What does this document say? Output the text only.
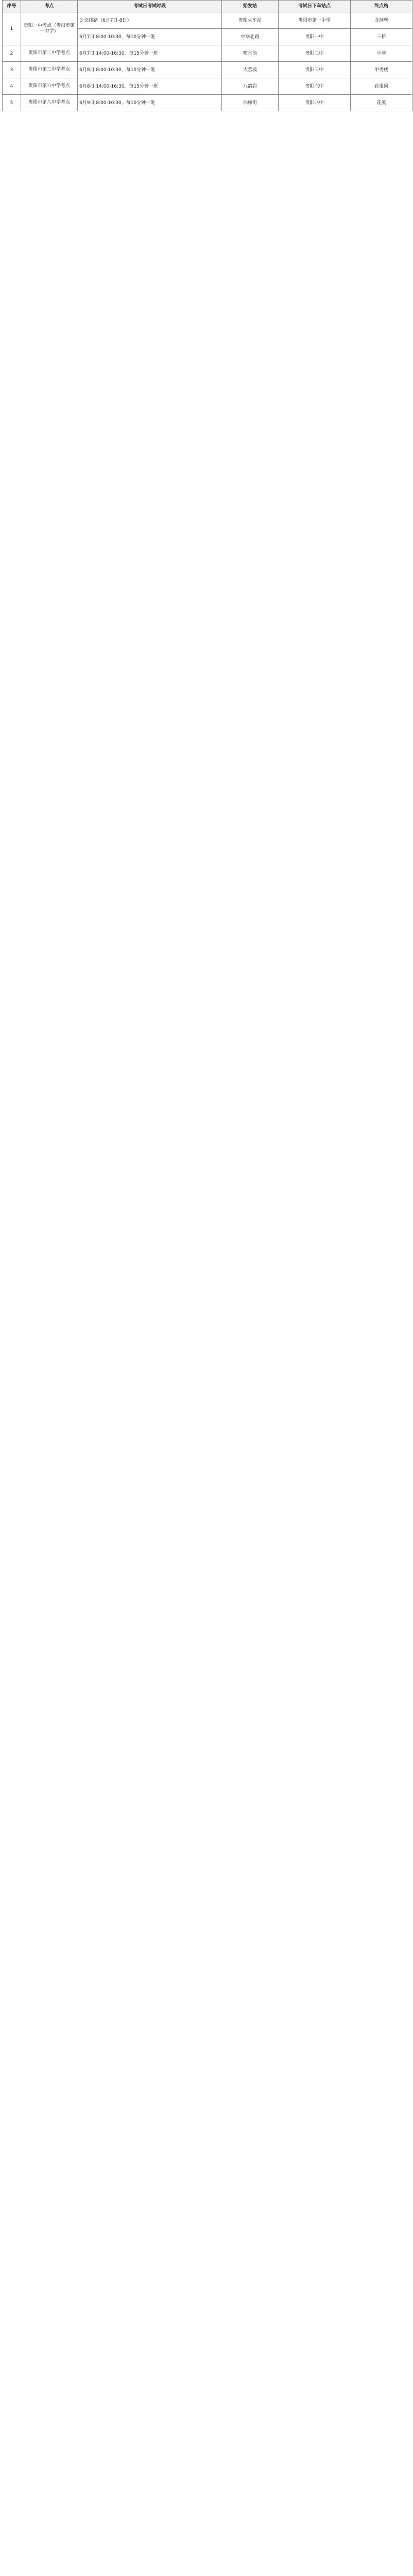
序号	考点	考试日考试时段	始发站	考试日下车站点	终点站
1	贵阳一中考点（贵阳市第一中学）	公交线路（6月7日-8日）	贵阳火车站	贵阳市第一中学	龙洞堡
		6月7日 8:00-10:30，每10分钟一班	中华北路	贵阳一中	三桥
2	贵阳市第二中学考点	6月7日 14:00-16:30，每15分钟一班	喷水池	贵阳二中	小河
3	贵阳市第三中学考点	6月8日 8:00-10:30，每10分钟一班	大营坡	贵阳三中	甲秀楼
4	贵阳市第六中学考点	6月8日 14:00-16:30，每15分钟一班	八鸽岩	贵阳六中	花果园
5	贵阳市第八中学考点	6月9日 8:00-10:30，每10分钟一班	油榨街	贵阳八中	花溪
